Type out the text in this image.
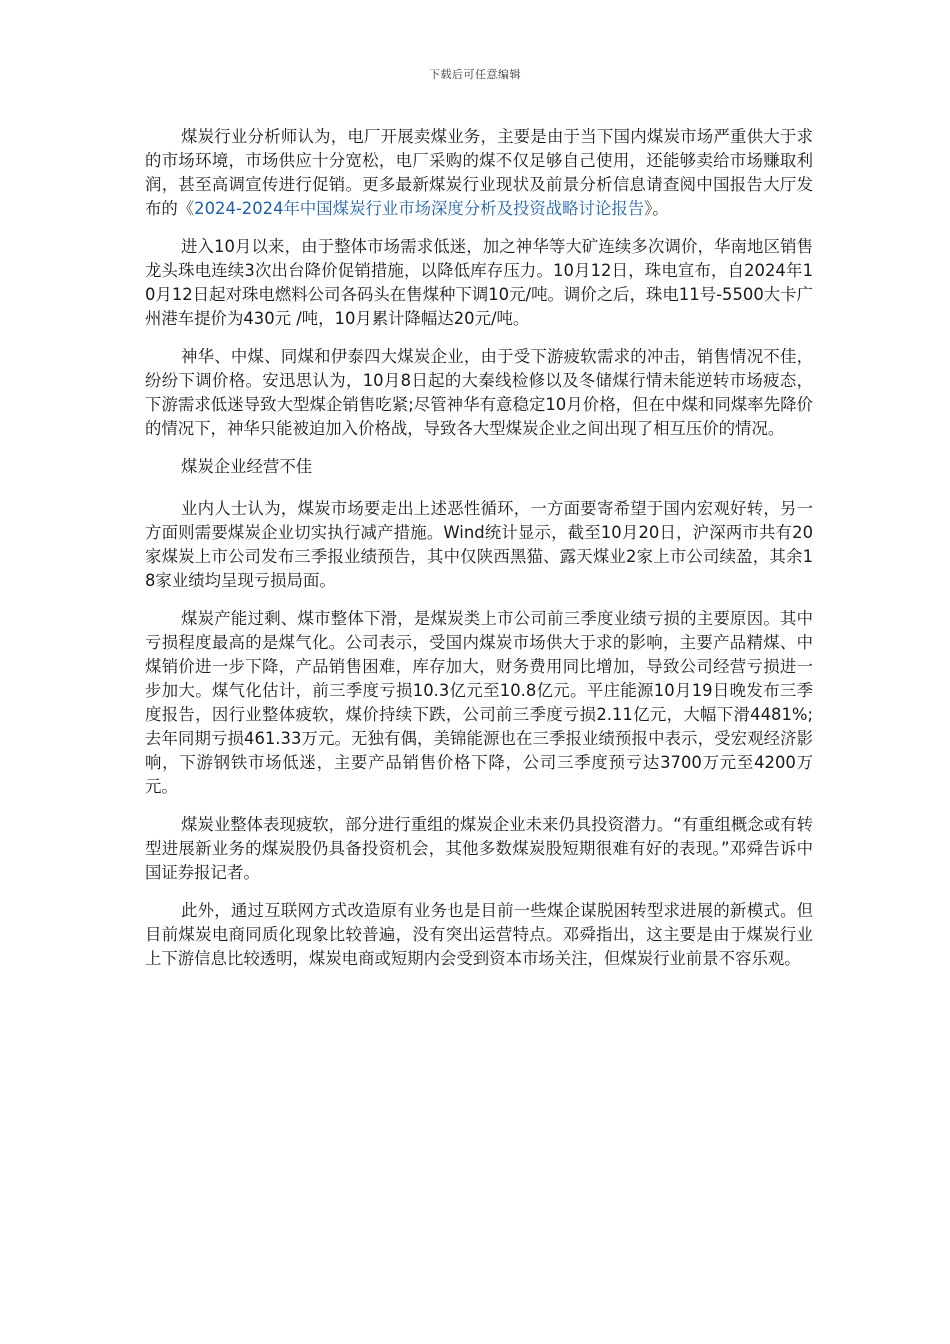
下载后可任意编辑

煤炭行业分析师认为，电厂开展卖煤业务，主要是由于当下国内煤炭市场严重供大于求的市场环境，市场供应十分宽松，电厂采购的煤不仅足够自己使用，还能够卖给市场赚取利润，甚至高调宣传进行促销。更多最新煤炭行业现状及前景分析信息请查阅中国报告大厅发布的《2024-2024年中国煤炭行业市场深度分析及投资战略讨论报告》。

进入10月以来，由于整体市场需求低迷，加之神华等大矿连续多次调价，华南地区销售龙头珠电连续3次出台降价促销措施，以降低库存压力。10月12日，珠电宣布，自2024年10月12日起对珠电燃料公司各码头在售煤种下调10元/吨。调价之后，珠电11号-5500大卡广州港车提价为430元 /吨，10月累计降幅达20元/吨。

神华、中煤、同煤和伊泰四大煤炭企业，由于受下游疲软需求的冲击，销售情况不佳，纷纷下调价格。安迅思认为，10月8日起的大秦线检修以及冬储煤行情未能逆转市场疲态，下游需求低迷导致大型煤企销售吃紧;尽管神华有意稳定10月价格，但在中煤和同煤率先降价的情况下，神华只能被迫加入价格战，导致各大型煤炭企业之间出现了相互压价的情况。

煤炭企业经营不佳

业内人士认为，煤炭市场要走出上述恶性循环，一方面要寄希望于国内宏观好转，另一方面则需要煤炭企业切实执行减产措施。Wind统计显示，截至10月20日，沪深两市共有20家煤炭上市公司发布三季报业绩预告，其中仅陕西黑猫、露天煤业2家上市公司续盈，其余18家业绩均呈现亏损局面。

煤炭产能过剩、煤市整体下滑，是煤炭类上市公司前三季度业绩亏损的主要原因。其中亏损程度最高的是煤气化。公司表示，受国内煤炭市场供大于求的影响，主要产品精煤、中煤销价进一步下降，产品销售困难，库存加大，财务费用同比增加，导致公司经营亏损进一步加大。煤气化估计，前三季度亏损10.3亿元至10.8亿元。平庄能源10月19日晚发布三季度报告，因行业整体疲软，煤价持续下跌，公司前三季度亏损2.11亿元，大幅下滑4481%;去年同期亏损461.33万元。无独有偶，美锦能源也在三季报业绩预报中表示，受宏观经济影响，下游钢铁市场低迷，主要产品销售价格下降，公司三季度预亏达3700万元至4200万元。

煤炭业整体表现疲软，部分进行重组的煤炭企业未来仍具投资潜力。“有重组概念或有转型进展新业务的煤炭股仍具备投资机会，其他多数煤炭股短期很难有好的表现。”邓舜告诉中国证券报记者。

此外，通过互联网方式改造原有业务也是目前一些煤企谋脱困转型求进展的新模式。但目前煤炭电商同质化现象比较普遍，没有突出运营特点。邓舜指出，这主要是由于煤炭行业上下游信息比较透明，煤炭电商或短期内会受到资本市场关注，但煤炭行业前景不容乐观。
